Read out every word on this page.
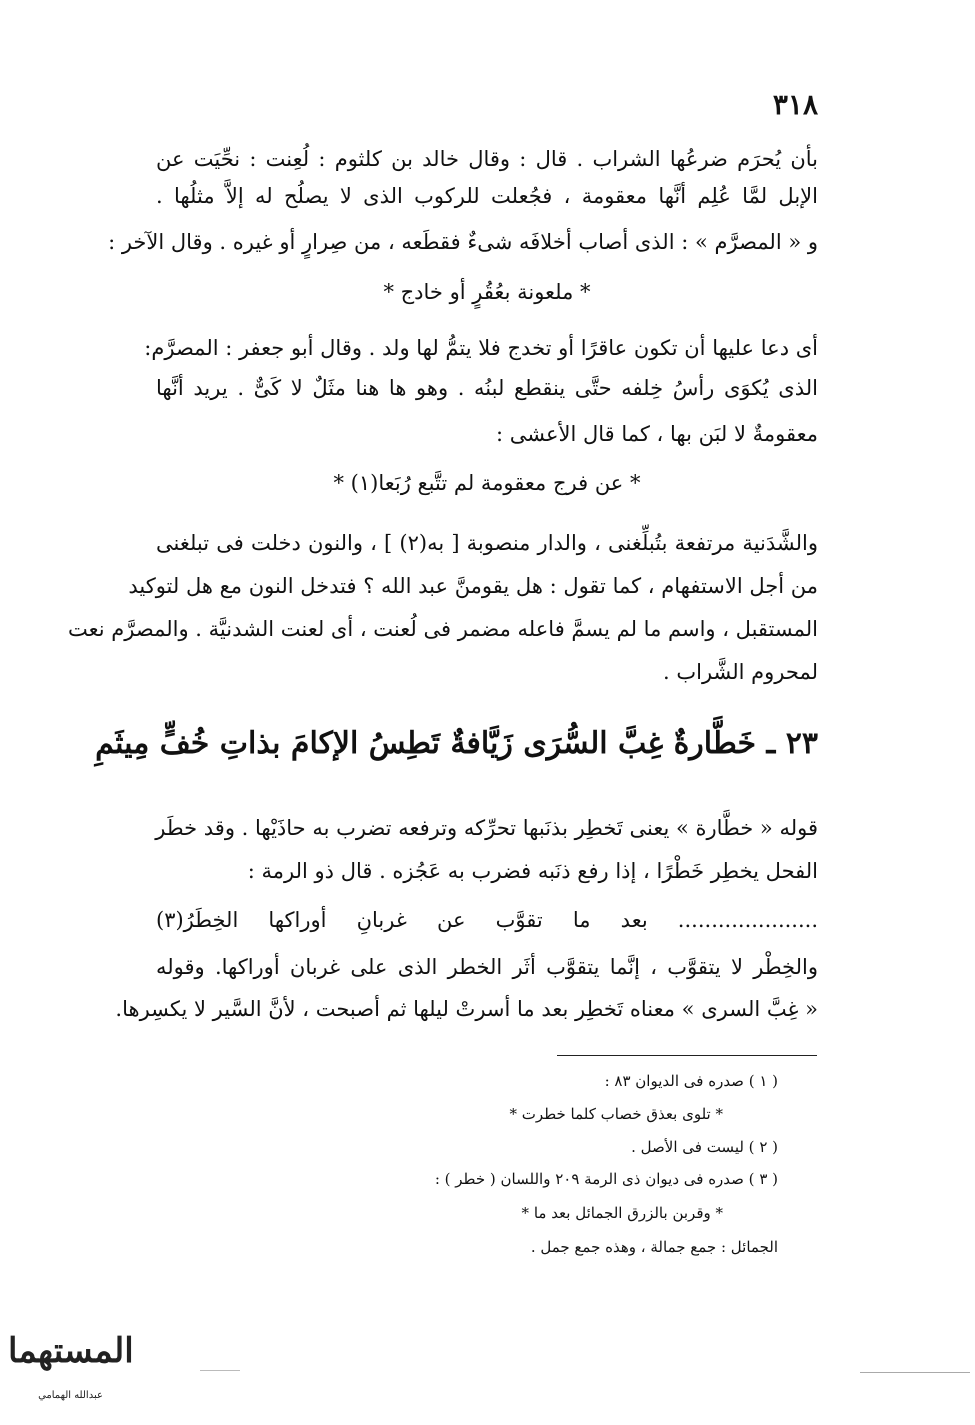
٣١٨
بأن يُحرَم ضرعُها الشراب . قال : وقال خالد بن كلثوم : لُعِنت : نحِّيَت عن
الإبل لمَّا عُلِم أنَّها معقومة ، فجُعلت للركوب الذى لا يصلُح له إلاَّ مثلُها .
و « المصرَّم » : الذى أصاب أخلافَه شىءٌ فقطَعه ، من صِرارٍ أو غيره . وقال الآخر :
* ملعونة بعُقُرٍ أو خادج *
أى دعا عليها أن تكون عاقرًا أو تخدج فلا يتمُّ لها ولد . وقال أبو جعفر : المصرَّم:
الذى يُكوَى رأسُ خِلفه حتَّى ينقطع لبنُه . وهو ها هنا مثَلٌ لا كَىٌّ . يريد أنَّها
معقومةٌ لا لبَن بها ، كما قال الأعشى :
* عن فرج معقومة لم تتَّبع رُبَعا(١) *
والشَّدَنية مرتفعة بتُبلِّغنى ، والدار منصوبة [ به(٢) ] ، والنون دخلت فى تبلغنى
من أجل الاستفهام ، كما تقول : هل يقومنَّ عبد الله ؟ فتدخل النون مع هل لتوكيد
المستقبل ، واسم ما لم يسمَّ فاعله مضمر فى لُعنت ، أى لعنت الشدنيَّة . والمصرَّم نعت
لمحروم الشَّراب .
٢٣ ـ خَطَّارةٌ غِبَّ السُّرَى زَيَّافةٌ تَطِسُ الإكامَ بذاتِ خُفٍّ مِيثَمِ
قوله « خطَّارة » يعنى تَخطِر بذنَبها تحرِّكه وترفعه تضرب به حاذَيْها . وقد خطَر
الفحل يخطِر خَطْرًا ، إذا رفع ذنَبه فضرب به عَجُزه . قال ذو الرمة :
..................... بعد ما تقوَّب عن غربانِ أوراكها الخِطَرُ(٣)
والخِطْر لا يتقوَّب ، إنَّما يتقوَّب أثَر الخطر الذى على غربان أوراكها. وقوله
« غِبَّ السرى » معناه تَخطِر بعد ما أسرتْ ليلها ثم أصبحت ، لأنَّ السَّير لا يكسِرها.
( ١ ) صدره فى الديوان ٨٣ :
* تلوى بعذق خصاب كلما خطرت *
( ٢ ) ليست فى الأصل .
( ٣ ) صدره فى ديوان ذى الرمة ٢٠٩ واللسان ( خطر ) :
* وقربن بالزرق الجمائل بعد ما *
الجمائل : جمع جمالة ، وهذه جمع جمل .
المستهما
عبدالله الهمامي
